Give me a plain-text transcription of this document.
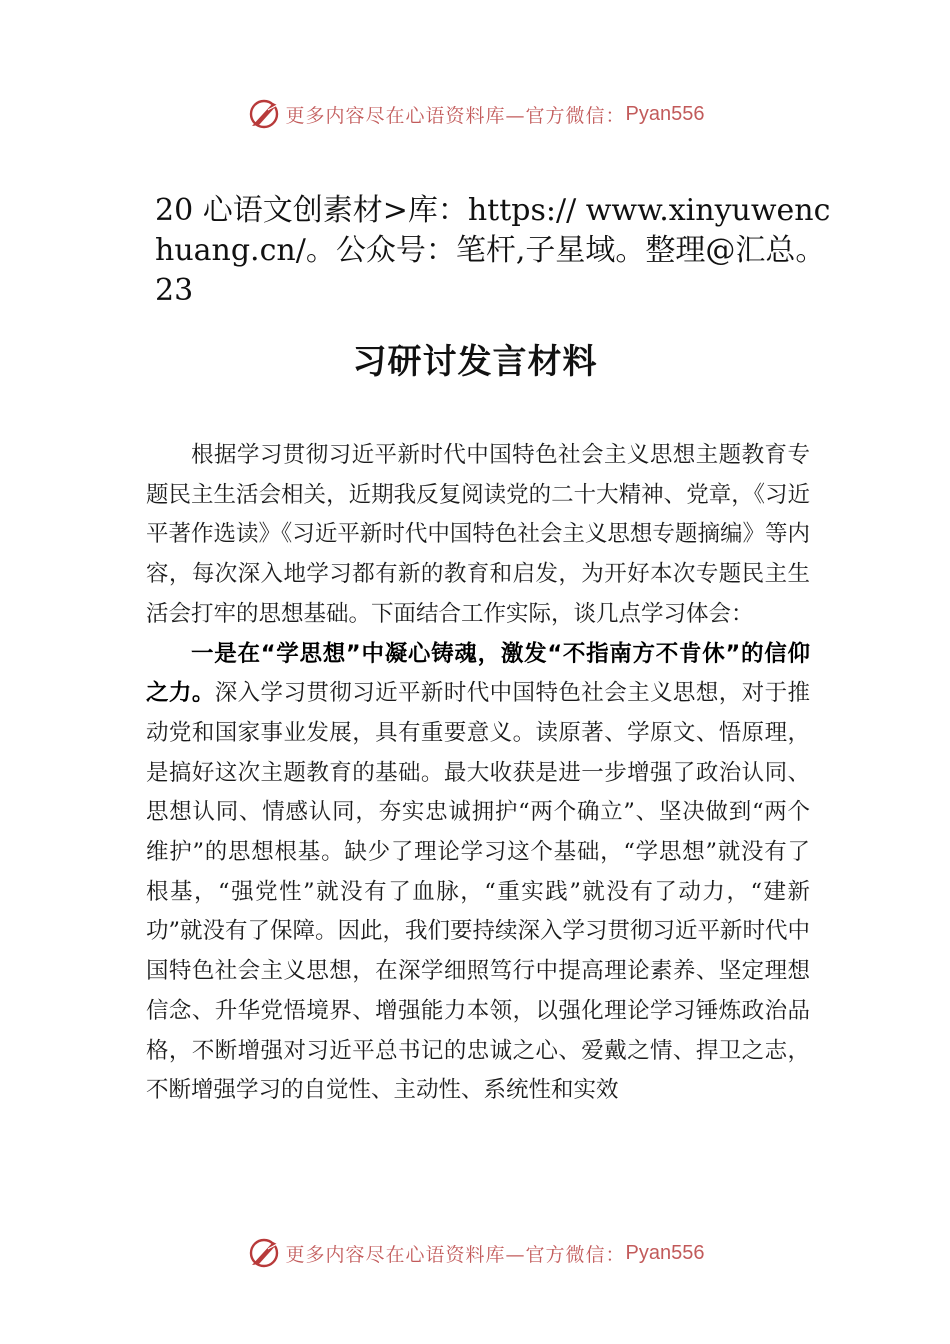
更多内容尽在心语资料库—官方微信： Pyan556

20 心语文创素材>库：https:// www.xinyuwenchuang.cn/。公众号：笔杆,子星域。整理@汇总。23

习研讨发言材料

根据学习贯彻习近平新时代中国特色社会主义思想主题教育专题民主生活会相关，近期我反复阅读党的二十大精神、党章，《习近平著作选读》《习近平新时代中国特色社会主义思想专题摘编》等内容，每次深入地学习都有新的教育和启发，为开好本次专题民主生活会打牢的思想基础。下面结合工作实际，谈几点学习体会：

一是在“学思想”中凝心铸魂，激发“不指南方不肯休”的信仰之力。深入学习贯彻习近平新时代中国特色社会主义思想，对于推动党和国家事业发展，具有重要意义。读原著、学原文、悟原理，是搞好这次主题教育的基础。最大收获是进一步增强了政治认同、思想认同、情感认同，夯实忠诚拥护“两个确立”、坚决做到“两个维护”的思想根基。缺少了理论学习这个基础，“学思想”就没有了根基，“强党性”就没有了血脉，“重实践”就没有了动力，“建新功”就没有了保障。因此，我们要持续深入学习贯彻习近平新时代中国特色社会主义思想，在深学细照笃行中提高理论素养、坚定理想信念、升华党悟境界、增强能力本领，以强化理论学习锤炼政治品格，不断增强对习近平总书记的忠诚之心、爱戴之情、捍卫之志，不断增强学习的自觉性、主动性、系统性和实效

更多内容尽在心语资料库—官方微信： Pyan556
